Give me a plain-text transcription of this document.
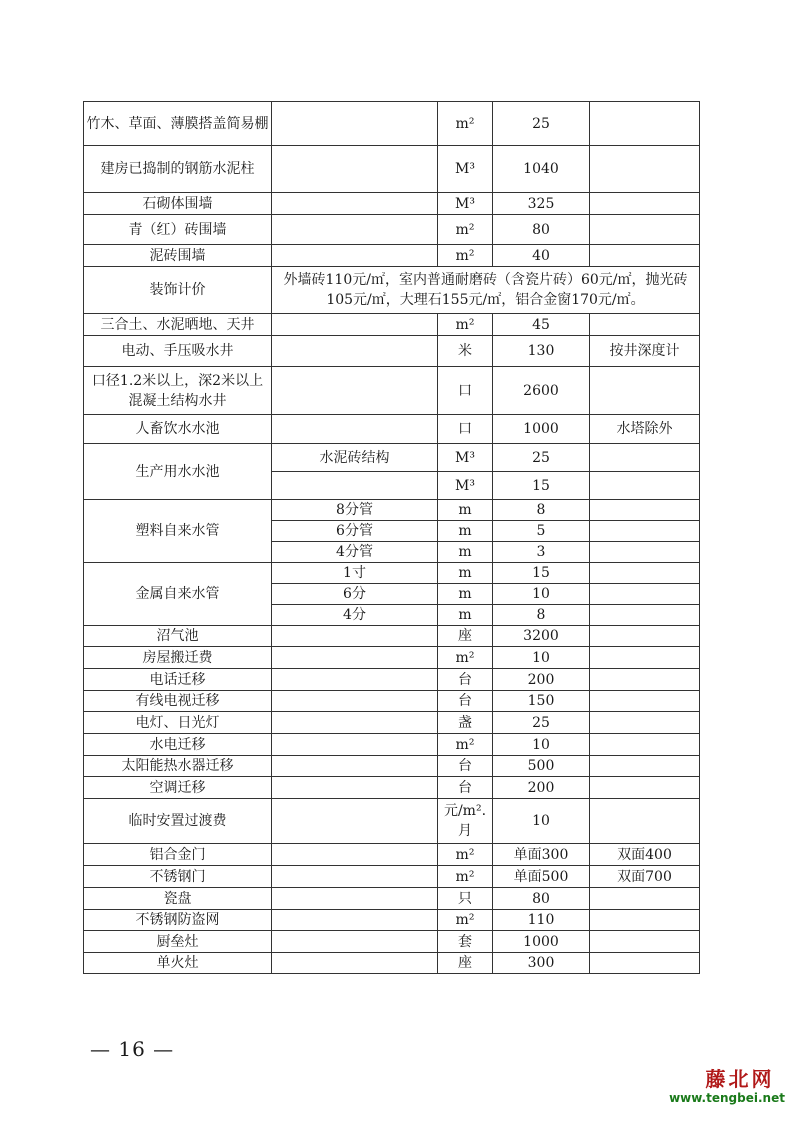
竹木、草面、薄膜搭盖简易棚		m²	25	
建房已捣制的钢筋水泥柱		M³	1040	
石砌体围墙		M³	325	
青（红）砖围墙		m²	80	
泥砖围墙		m²	40	
装饰计价	外墙砖110元/㎡，室内普通耐磨砖（含瓷片砖）60元/㎡，抛光砖105元/㎡，大理石155元/㎡，铝合金窗170元/㎡。			
三合土、水泥晒地、天井		m²	45	
电动、手压吸水井		米	130	按井深度计
口径1.2米以上，深2米以上混凝土结构水井		口	2600	
人畜饮水水池		口	1000	水塔除外
生产用水水池	水泥砖结构	M³	25	
		M³	15	
塑料自来水管	8分管	m	8	
	6分管	m	5	
	4分管	m	3	
金属自来水管	1寸	m	15	
	6分	m	10	
	4分	m	8	
沼气池		座	3200	
房屋搬迁费		m²	10	
电话迁移		台	200	
有线电视迁移		台	150	
电灯、日光灯		盏	25	
水电迁移		m²	10	
太阳能热水器迁移		台	500	
空调迁移		台	200	
临时安置过渡费		元/m².月	10	
铝合金门		m²	单面300	双面400
不锈钢门		m²	单面500	双面700
瓷盘		只	80	
不锈钢防盗网		m²	110	
厨垒灶		套	1000	
单火灶		座	300	
— 16 —
藤北网
www.tengbei.net
